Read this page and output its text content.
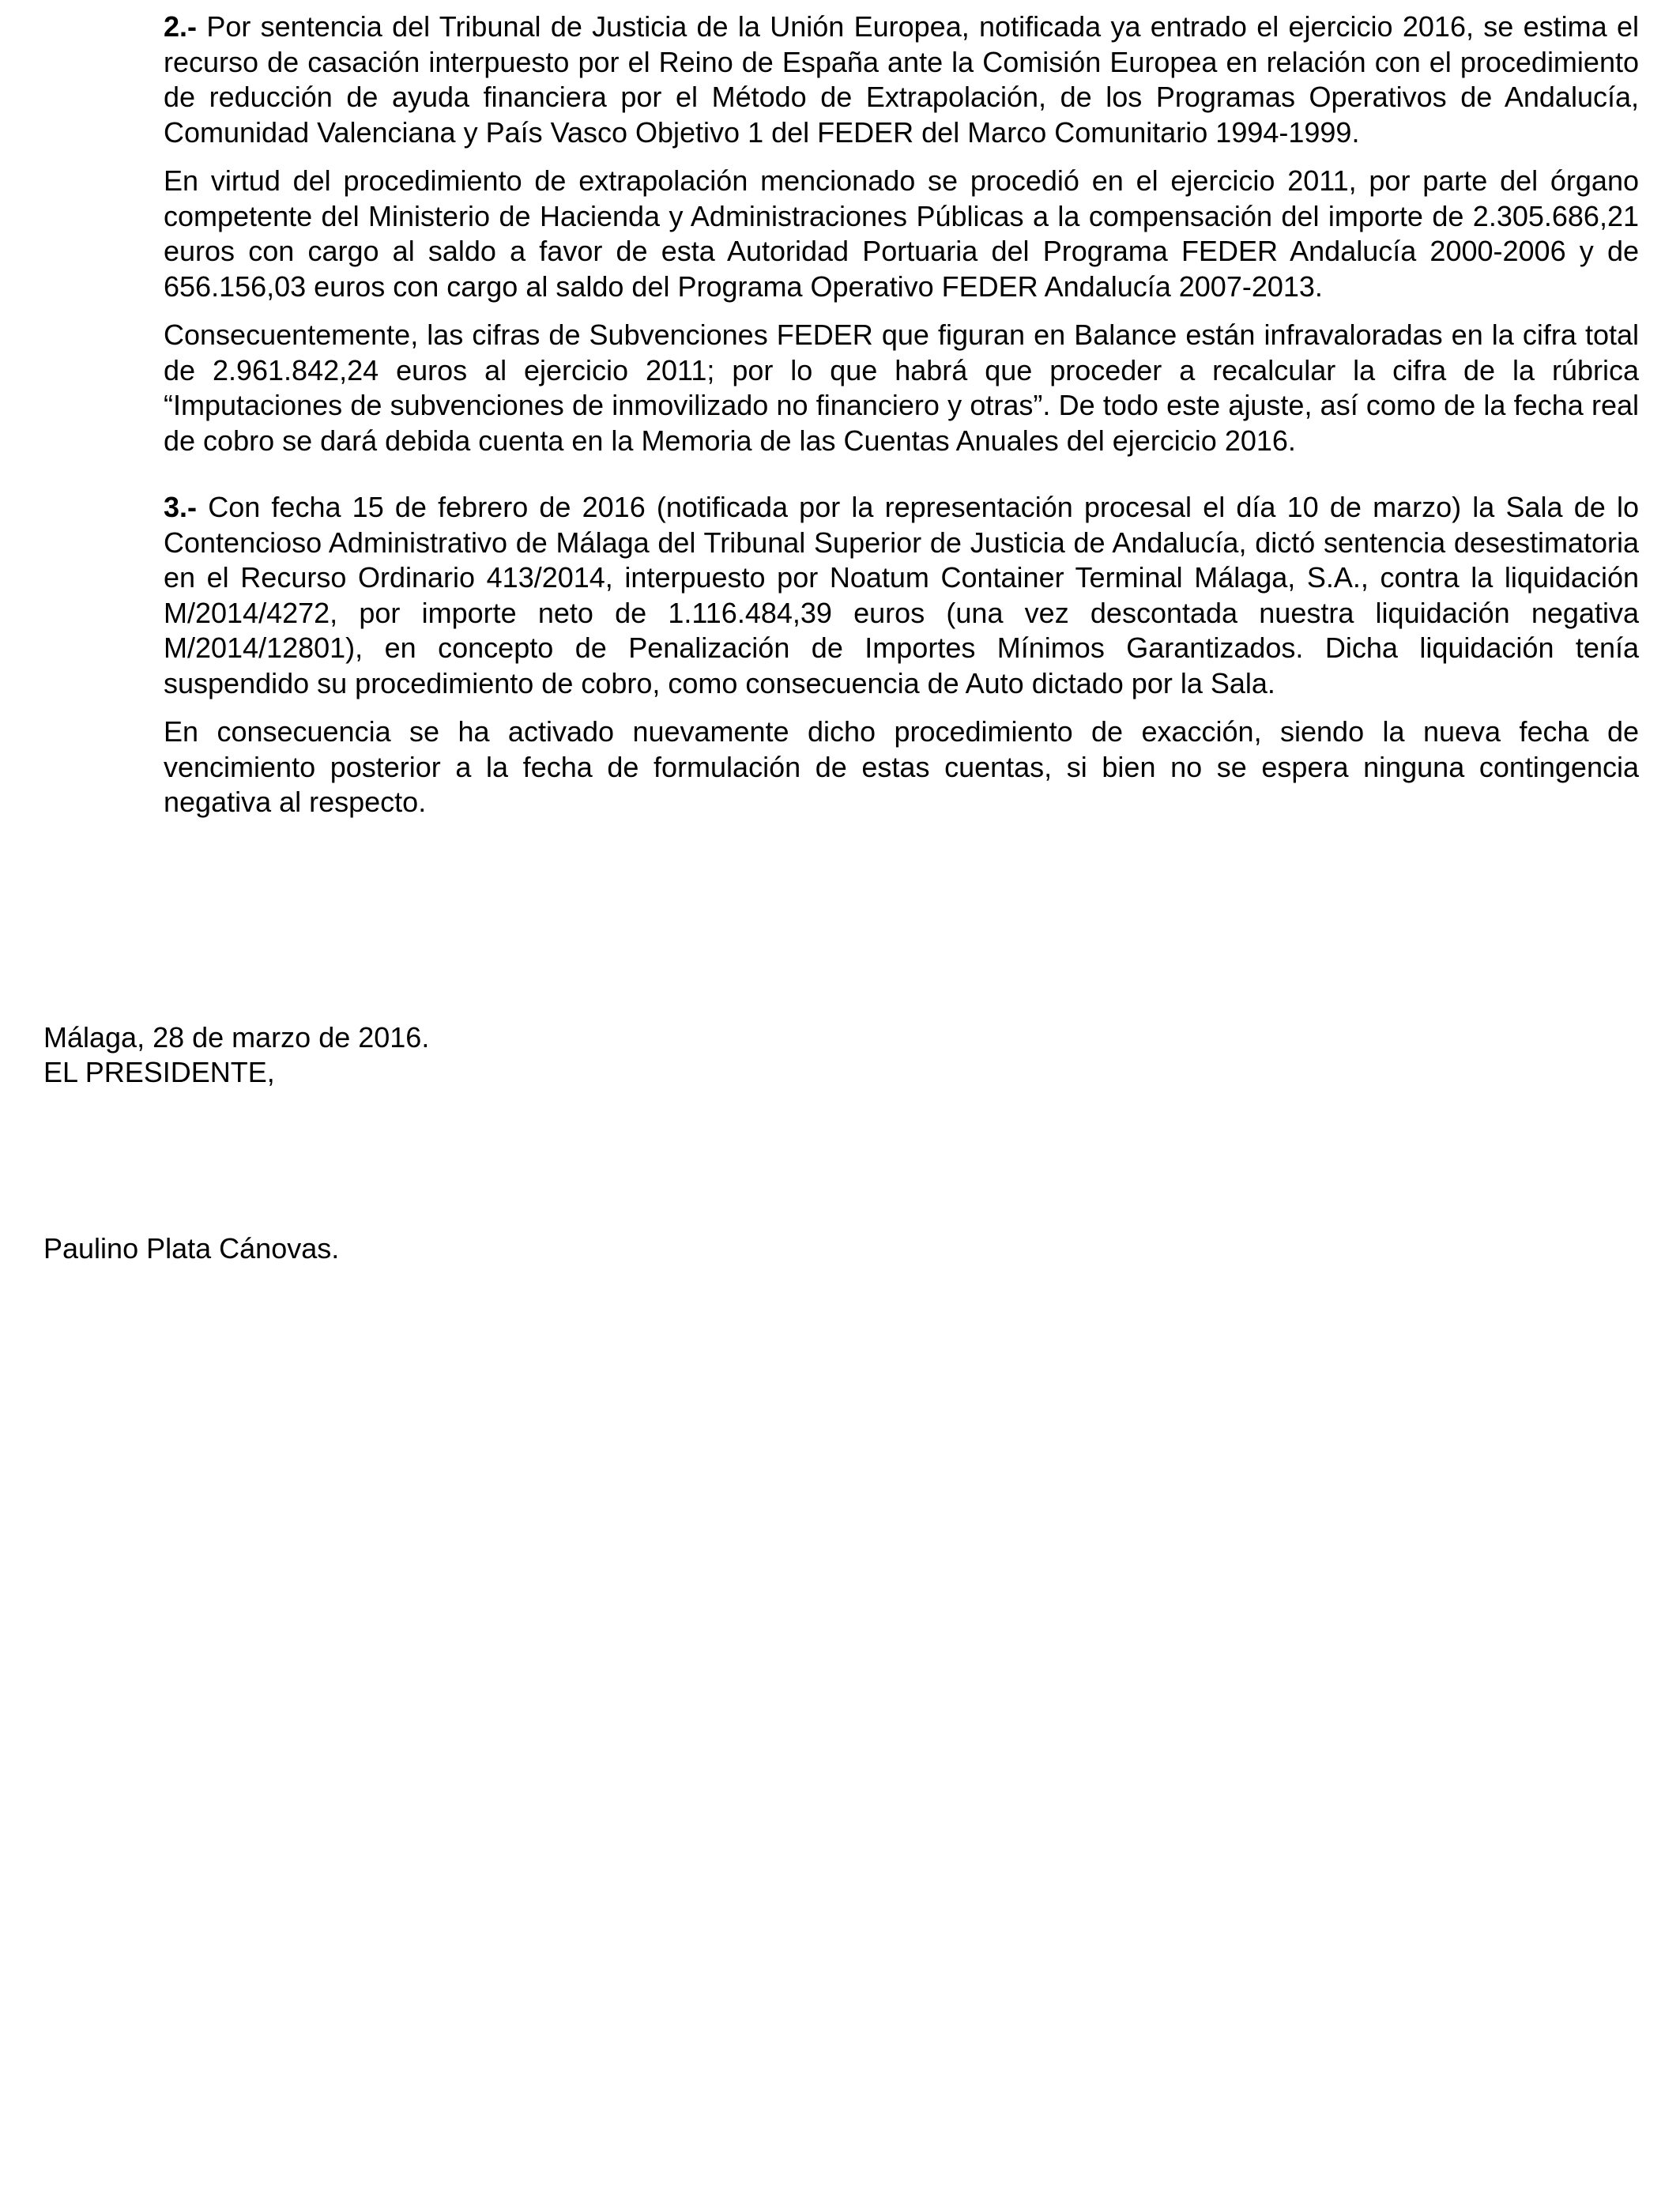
2.- Por sentencia del Tribunal de Justicia de la Unión Europea, notificada ya entrado el ejercicio 2016, se estima el recurso de casación interpuesto por el Reino de España ante la Comisión Europea en relación con el procedimiento de reducción de ayuda financiera por el Método de Extrapolación, de los Programas Operativos de Andalucía, Comunidad Valenciana y País Vasco Objetivo 1 del FEDER del Marco Comunitario 1994-1999.

En virtud del procedimiento de extrapolación mencionado se procedió en el ejercicio 2011, por parte del órgano competente del Ministerio de Hacienda y Administraciones Públicas a la compensación del importe de 2.305.686,21 euros con cargo al saldo a favor de esta Autoridad Portuaria del Programa FEDER Andalucía 2000-2006 y de 656.156,03 euros con cargo al saldo del Programa Operativo FEDER Andalucía 2007-2013.

Consecuentemente, las cifras de Subvenciones FEDER que figuran en Balance están infravaloradas en la cifra total de 2.961.842,24 euros al ejercicio 2011; por lo que habrá que proceder a recalcular la cifra de la rúbrica “Imputaciones de subvenciones de inmovilizado no financiero y otras”. De todo este ajuste, así como de la fecha real de cobro se dará debida cuenta en la Memoria de las Cuentas Anuales del ejercicio 2016.

3.- Con fecha 15 de febrero de 2016 (notificada por la representación procesal el día 10 de marzo) la Sala de lo Contencioso Administrativo de Málaga del Tribunal Superior de Justicia de Andalucía, dictó sentencia desestimatoria en el Recurso Ordinario 413/2014, interpuesto por Noatum Container Terminal Málaga, S.A., contra la liquidación M/2014/4272, por importe neto de 1.116.484,39 euros (una vez descontada nuestra liquidación negativa M/2014/12801), en concepto de Penalización de Importes Mínimos Garantizados. Dicha liquidación tenía suspendido su procedimiento de cobro, como consecuencia de Auto dictado por la Sala.

En consecuencia se ha activado nuevamente dicho procedimiento de exacción, siendo la nueva fecha de vencimiento posterior a la fecha de formulación de estas cuentas, si bien no se espera ninguna contingencia negativa al respecto.

Málaga, 28 de marzo de 2016.

EL PRESIDENTE,

Paulino Plata Cánovas.
